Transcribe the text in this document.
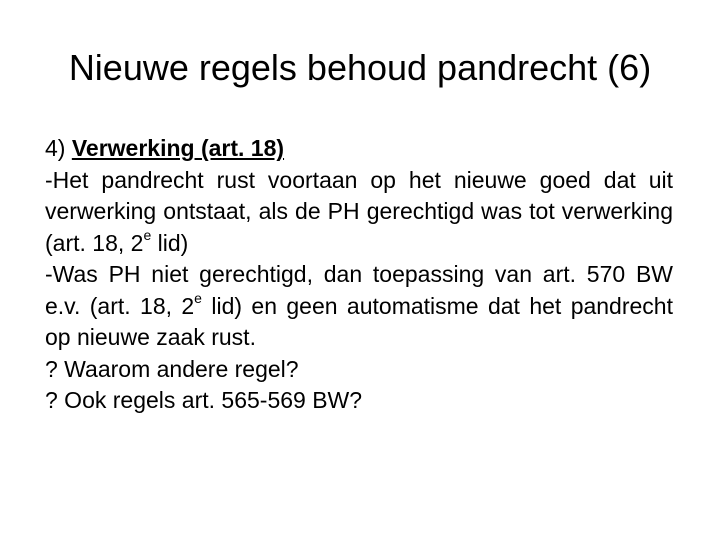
Nieuwe regels behoud pandrecht (6)

4) Verwerking (art. 18)

-Het pandrecht rust voortaan op het nieuwe goed dat uit verwerking ontstaat, als de PH gerechtigd was tot verwerking (art. 18, 2e lid)

-Was PH niet gerechtigd, dan toepassing van art. 570 BW e.v. (art. 18, 2e lid) en geen automatisme dat het pandrecht op nieuwe zaak rust.

? Waarom andere regel?

? Ook regels art. 565-569 BW?
